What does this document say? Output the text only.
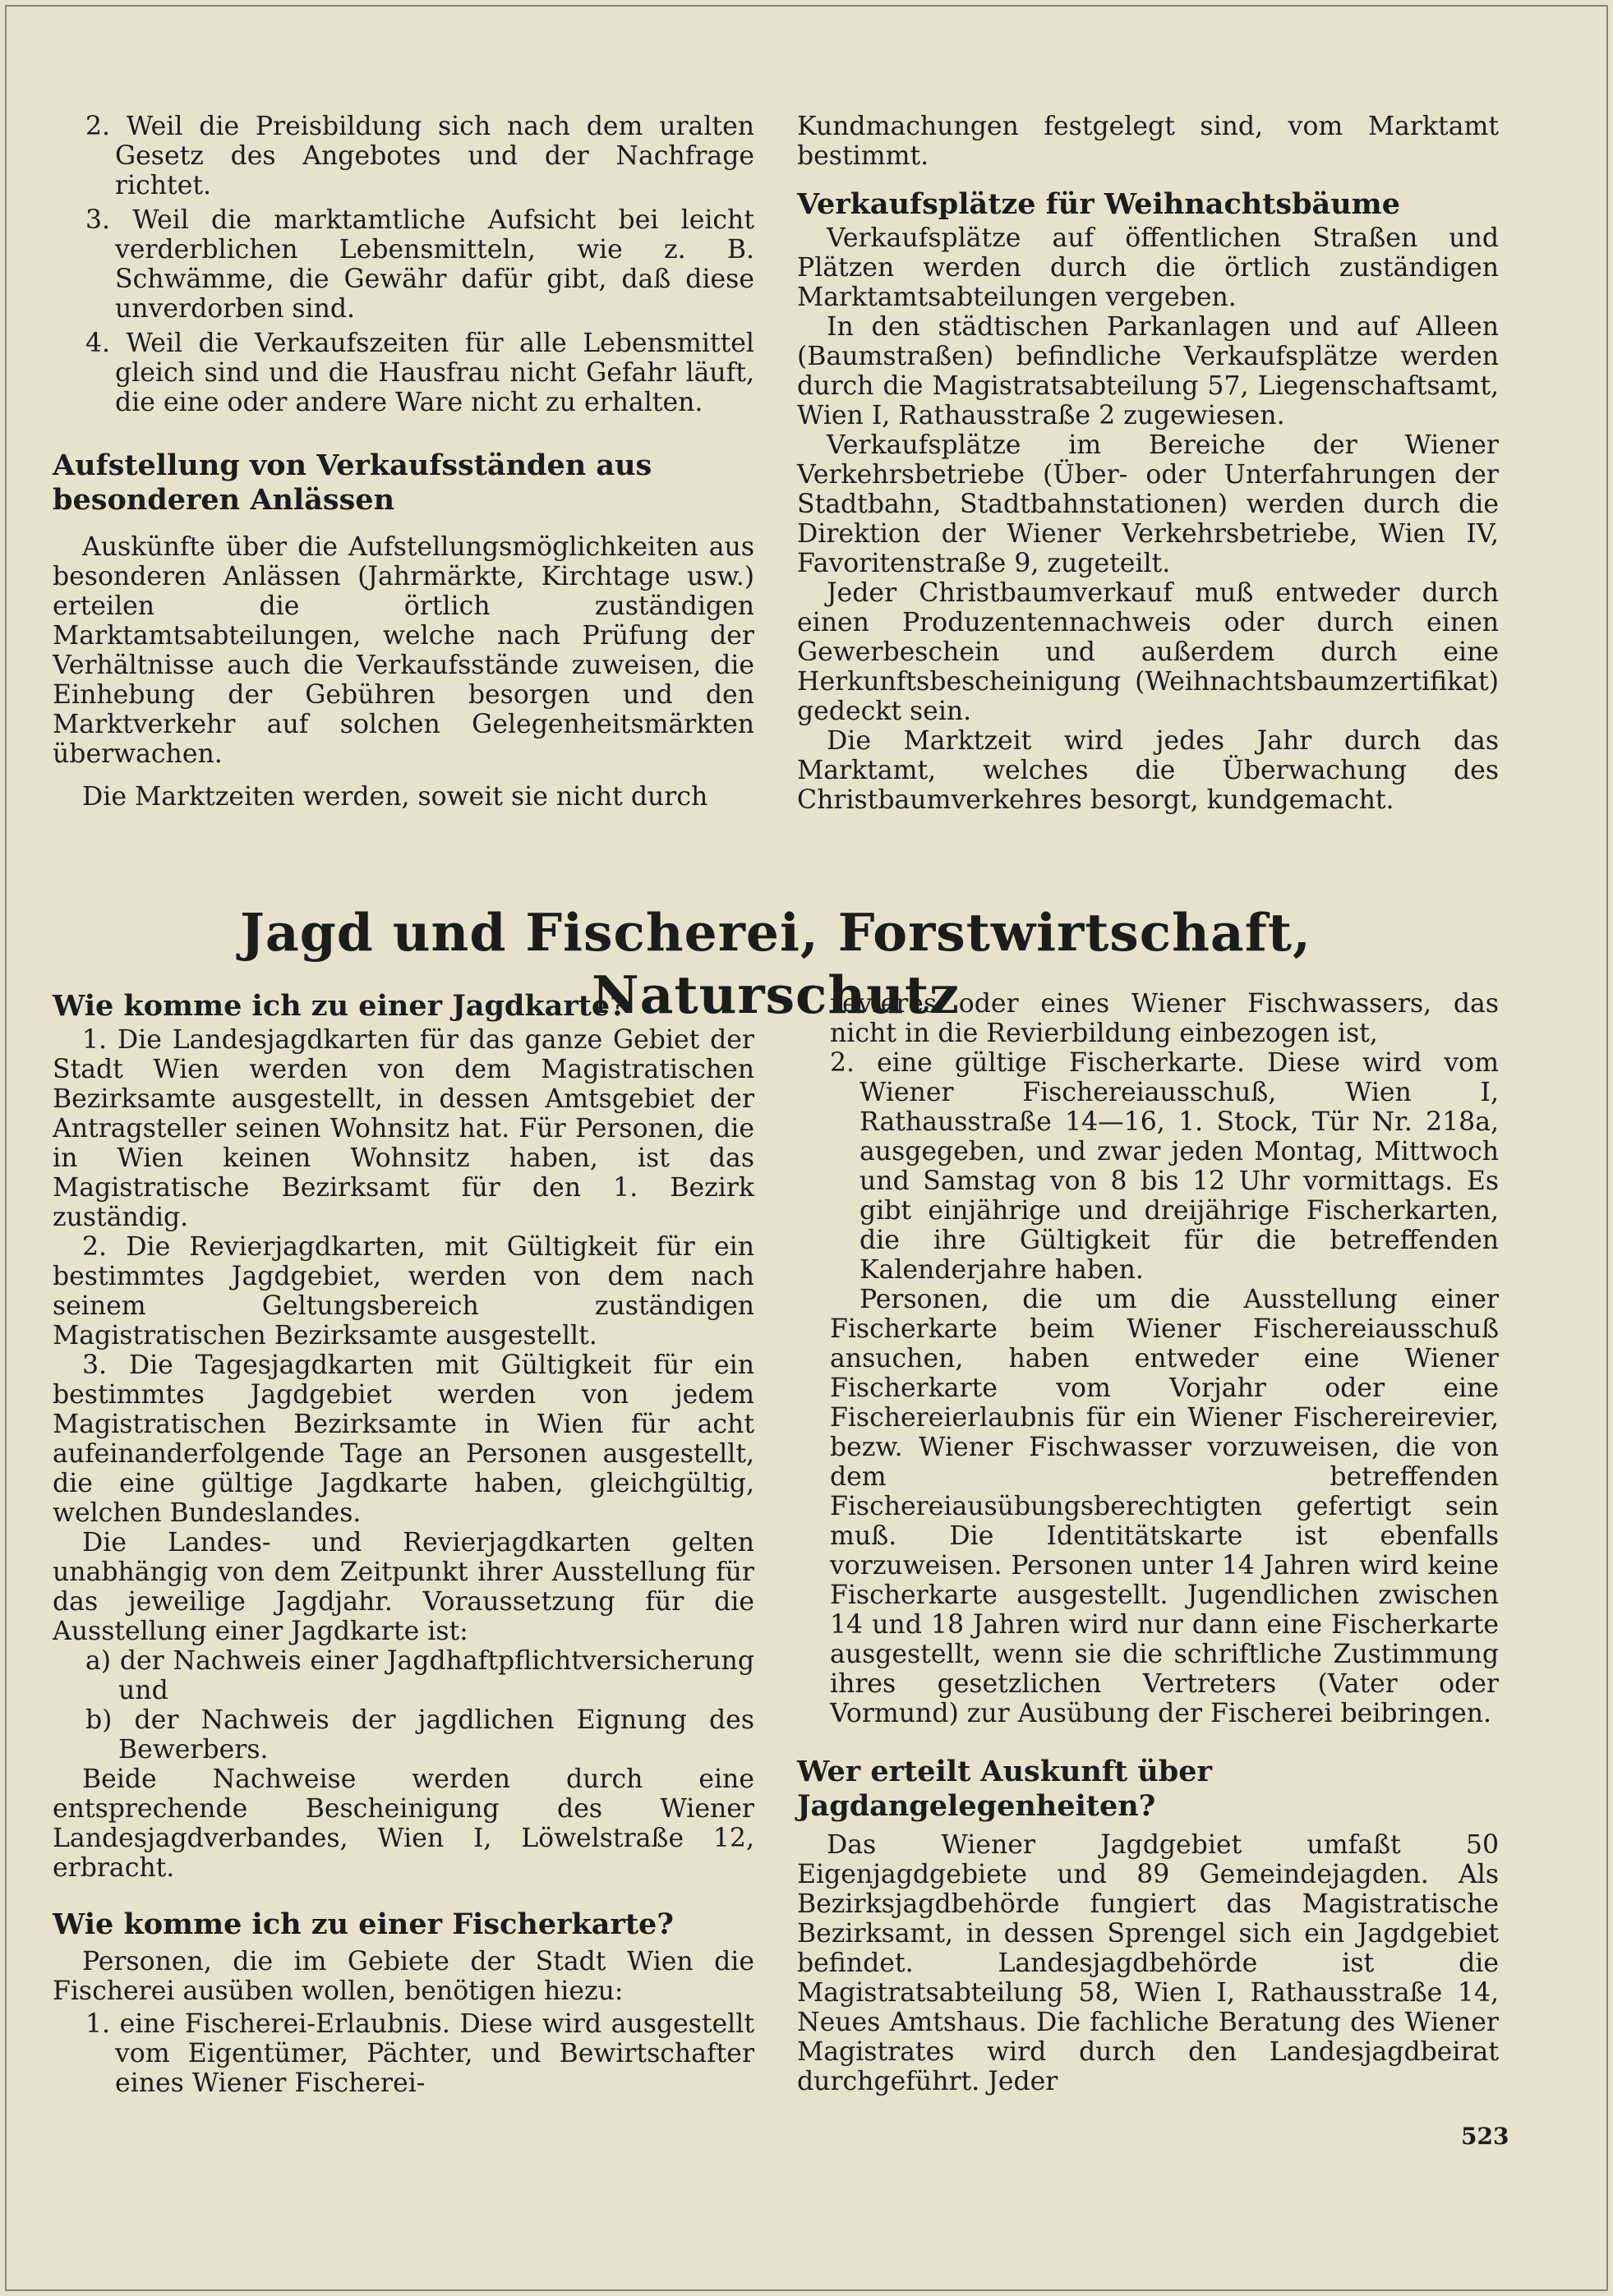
2. Weil die Preisbildung sich nach dem uralten Gesetz des Angebotes und der Nachfrage richtet.

3. Weil die marktamtliche Aufsicht bei leicht verderblichen Lebensmitteln, wie z. B. Schwämme, die Gewähr dafür gibt, daß diese unverdorben sind.

4. Weil die Verkaufszeiten für alle Lebensmittel gleich sind und die Hausfrau nicht Gefahr läuft, die eine oder andere Ware nicht zu erhalten.

Aufstellung von Verkaufsständen aus besonderen Anlässen

Auskünfte über die Aufstellungsmöglichkeiten aus besonderen Anlässen (Jahrmärkte, Kirchtage usw.) erteilen die örtlich zuständigen Marktamtsabteilungen, welche nach Prüfung der Verhältnisse auch die Verkaufsstände zuweisen, die Einhebung der Gebühren besorgen und den Marktverkehr auf solchen Gelegenheitsmärkten überwachen.

Die Marktzeiten werden, soweit sie nicht durch

Kundmachungen festgelegt sind, vom Marktamt bestimmt.

Verkaufsplätze für Weihnachtsbäume

Verkaufsplätze auf öffentlichen Straßen und Plätzen werden durch die örtlich zuständigen Marktamtsabteilungen vergeben.

In den städtischen Parkanlagen und auf Alleen (Baumstraßen) befindliche Verkaufsplätze werden durch die Magistratsabteilung 57, Liegenschaftsamt, Wien I, Rathausstraße 2 zugewiesen.

Verkaufsplätze im Bereiche der Wiener Verkehrsbetriebe (Über- oder Unterfahrungen der Stadtbahn, Stadtbahnstationen) werden durch die Direktion der Wiener Verkehrsbetriebe, Wien IV, Favoritenstraße 9, zugeteilt.

Jeder Christbaumverkauf muß entweder durch einen Produzentennachweis oder durch einen Gewerbeschein und außerdem durch eine Herkunftsbescheinigung (Weihnachtsbaumzertifikat) gedeckt sein.

Die Marktzeit wird jedes Jahr durch das Marktamt, welches die Überwachung des Christbaumverkehres besorgt, kundgemacht.

Jagd und Fischerei, Forstwirtschaft, Naturschutz
Wie komme ich zu einer Jagdkarte?

1. Die Landesjagdkarten für das ganze Gebiet der Stadt Wien werden von dem Magistratischen Bezirksamte ausgestellt, in dessen Amtsgebiet der Antragsteller seinen Wohnsitz hat. Für Personen, die in Wien keinen Wohnsitz haben, ist das Magistratische Bezirksamt für den 1. Bezirk zuständig.

2. Die Revierjagdkarten, mit Gültigkeit für ein bestimmtes Jagdgebiet, werden von dem nach seinem Geltungsbereich zuständigen Magistratischen Bezirksamte ausgestellt.

3. Die Tagesjagdkarten mit Gültigkeit für ein bestimmtes Jagdgebiet werden von jedem Magistratischen Bezirksamte in Wien für acht aufeinanderfolgende Tage an Personen ausgestellt, die eine gültige Jagdkarte haben, gleichgültig, welchen Bundeslandes.

Die Landes- und Revierjagdkarten gelten unabhängig von dem Zeitpunkt ihrer Ausstellung für das jeweilige Jagdjahr. Voraussetzung für die Ausstellung einer Jagdkarte ist:

a) der Nachweis einer Jagdhaftpflichtversicherung und

b) der Nachweis der jagdlichen Eignung des Bewerbers.

Beide Nachweise werden durch eine entsprechende Bescheinigung des Wiener Landesjagdverbandes, Wien I, Löwelstraße 12, erbracht.

Wie komme ich zu einer Fischerkarte?

Personen, die im Gebiete der Stadt Wien die Fischerei ausüben wollen, benötigen hiezu:

1. eine Fischerei-Erlaubnis. Diese wird ausgestellt vom Eigentümer, Pächter, und Bewirtschafter eines Wiener Fischerei-

revieres oder eines Wiener Fischwassers, das nicht in die Revierbildung einbezogen ist,

2. eine gültige Fischerkarte. Diese wird vom Wiener Fischereiausschuß, Wien I, Rathausstraße 14—16, 1. Stock, Tür Nr. 218a, ausgegeben, und zwar jeden Montag, Mittwoch und Samstag von 8 bis 12 Uhr vormittags. Es gibt einjährige und dreijährige Fischerkarten, die ihre Gültigkeit für die betreffenden Kalenderjahre haben.

Personen, die um die Ausstellung einer Fischerkarte beim Wiener Fischereiausschuß ansuchen, haben entweder eine Wiener Fischerkarte vom Vorjahr oder eine Fischereierlaubnis für ein Wiener Fischereirevier, bezw. Wiener Fischwasser vorzuweisen, die von dem betreffenden Fischereiausübungsberechtigten gefertigt sein muß. Die Identitätskarte ist ebenfalls vorzuweisen. Personen unter 14 Jahren wird keine Fischerkarte ausgestellt. Jugendlichen zwischen 14 und 18 Jahren wird nur dann eine Fischerkarte ausgestellt, wenn sie die schriftliche Zustimmung ihres gesetzlichen Vertreters (Vater oder Vormund) zur Ausübung der Fischerei beibringen.

Wer erteilt Auskunft über Jagdangelegenheiten?

Das Wiener Jagdgebiet umfaßt 50 Eigenjagdgebiete und 89 Gemeindejagden. Als Bezirksjagdbehörde fungiert das Magistratische Bezirksamt, in dessen Sprengel sich ein Jagdgebiet befindet. Landesjagdbehörde ist die Magistratsabteilung 58, Wien I, Rathausstraße 14, Neues Amtshaus. Die fachliche Beratung des Wiener Magistrates wird durch den Landesjagdbeirat durchgeführt. Jeder

523
